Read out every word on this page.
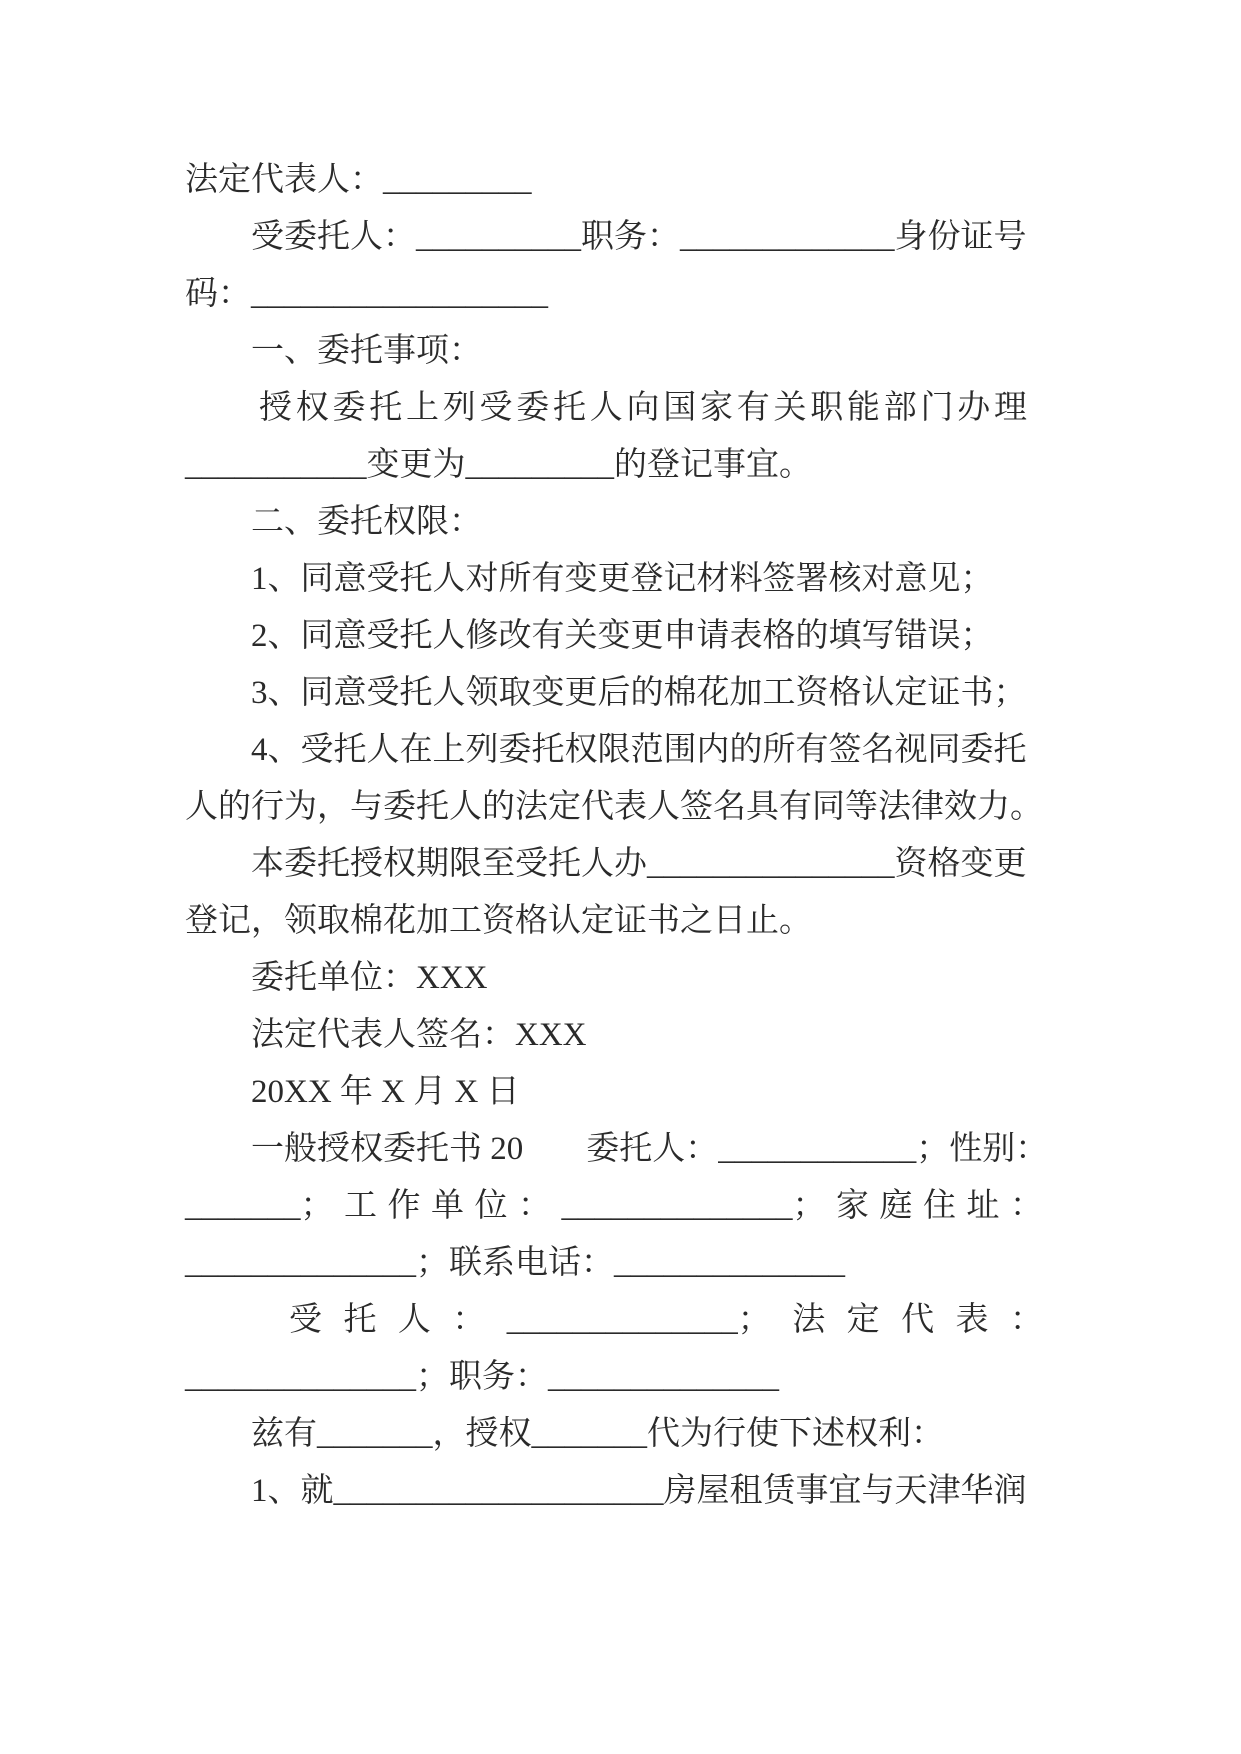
法定代表人：_________
受委托人：__________职务：_____________身份证号
码：__________________
一、委托事项：
授权委托上列受委托人向国家有关职能部门办理
___________变更为_________的登记事宜。
二、委托权限：
1、同意受托人对所有变更登记材料签署核对意见；
2、同意受托人修改有关变更申请表格的填写错误；
3、同意受托人领取变更后的棉花加工资格认定证书；
4、受托人在上列委托权限范围内的所有签名视同委托
人的行为，与委托人的法定代表人签名具有同等法律效力。
本委托授权期限至受托人办_______________资格变更
登记，领取棉花加工资格认定证书之日止。
委托单位：XXX
法定代表人签名：XXX
20XX 年 X 月 X 日
一般授权委托书 20 委托人：____________；性别：
_______；工作单位：______________；家庭住址：
______________；联系电话：______________
受托人：______________；法定代表：
______________；职务：______________
兹有_______，授权_______代为行使下述权利：
1、就____________________房屋租赁事宜与天津华润
